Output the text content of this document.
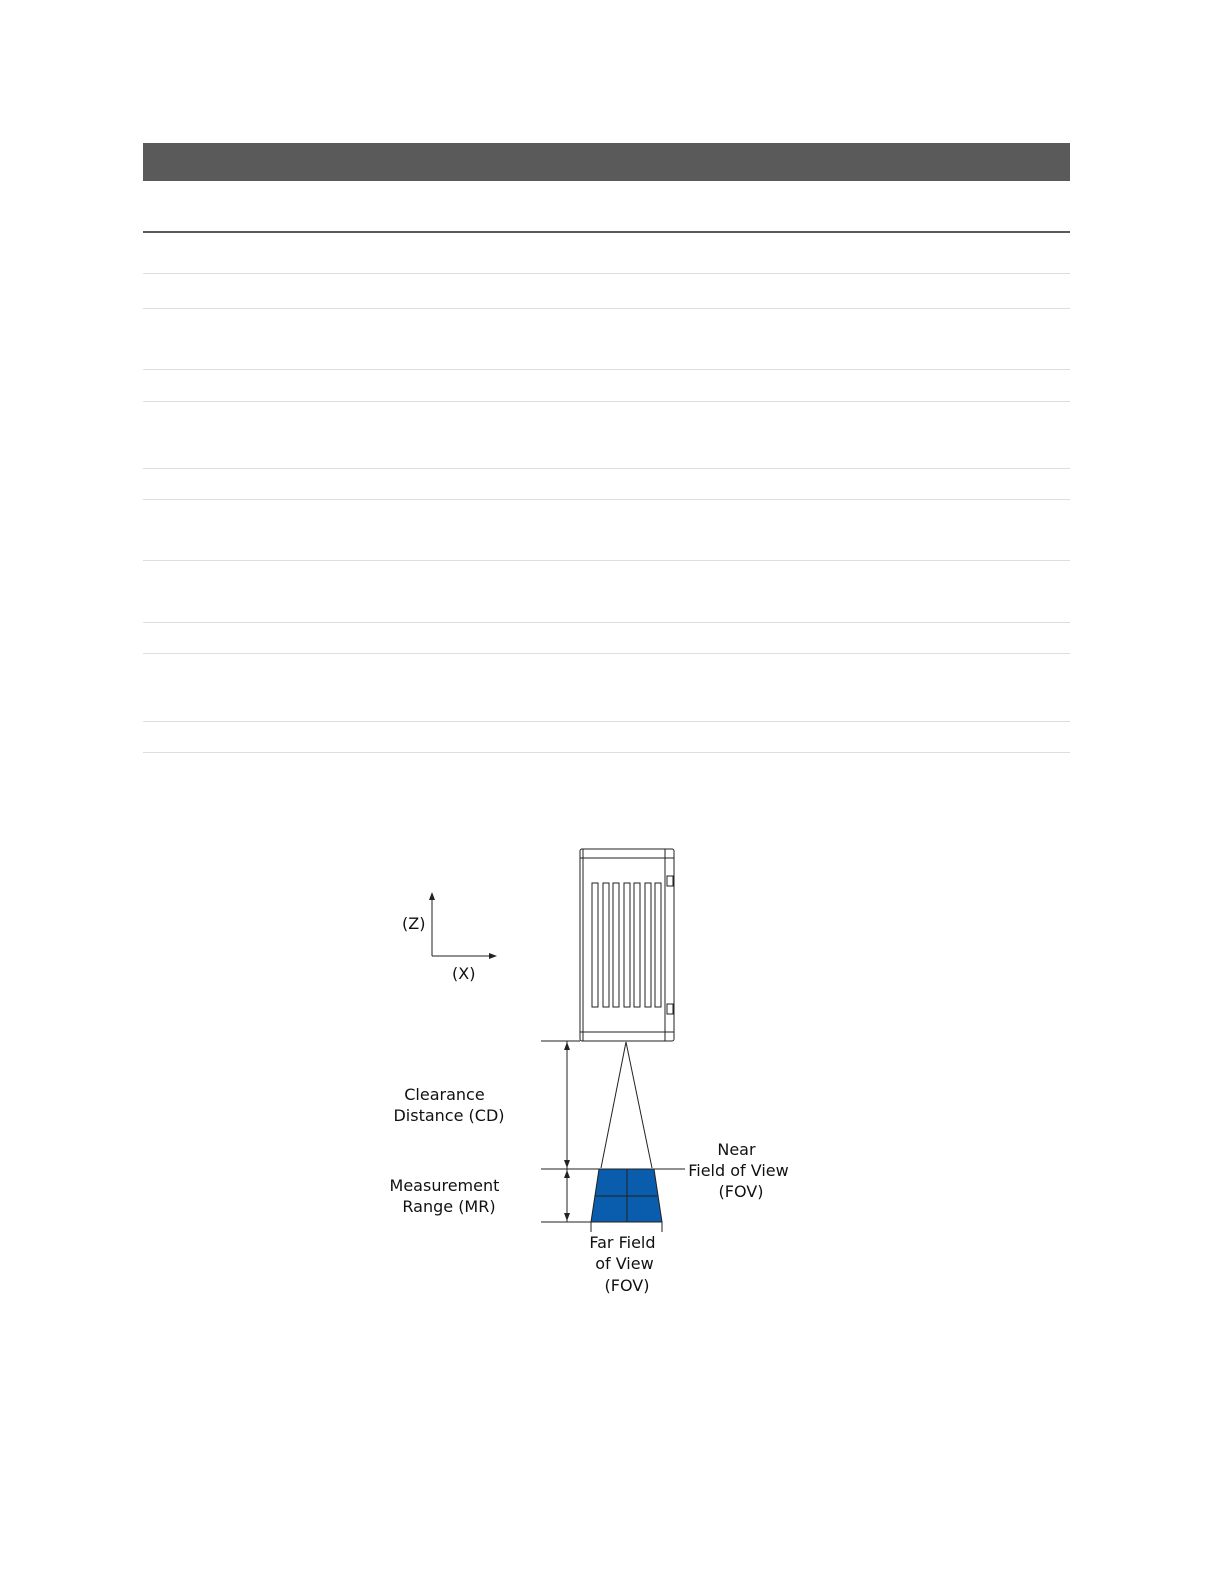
(Z)
(X)
Clearance Distance (CD)
Measurement Range (MR)
Near Field of View (FOV)
Far Field of View (FOV)
